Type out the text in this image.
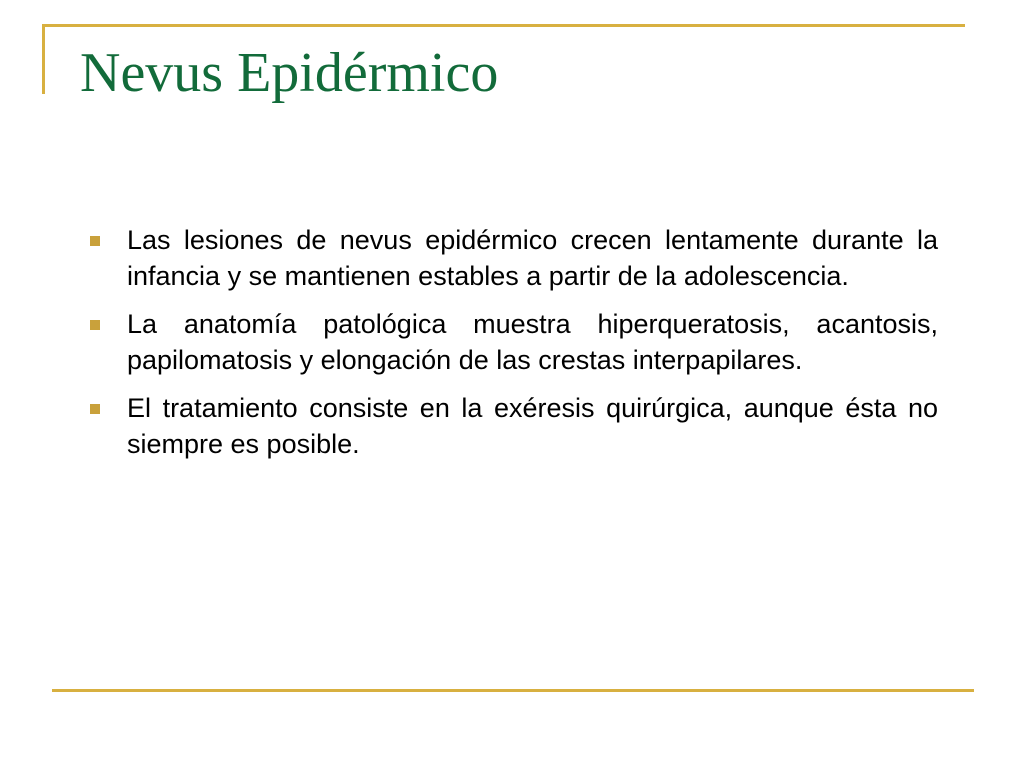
Nevus Epidérmico
Las lesiones de nevus epidérmico crecen lentamente durante la infancia y se mantienen estables a partir de la adolescencia.
La anatomía patológica muestra hiperqueratosis, acantosis, papilomatosis y elongación de las crestas interpapilares.
El tratamiento consiste en la exéresis quirúrgica, aunque ésta no siempre es posible.
